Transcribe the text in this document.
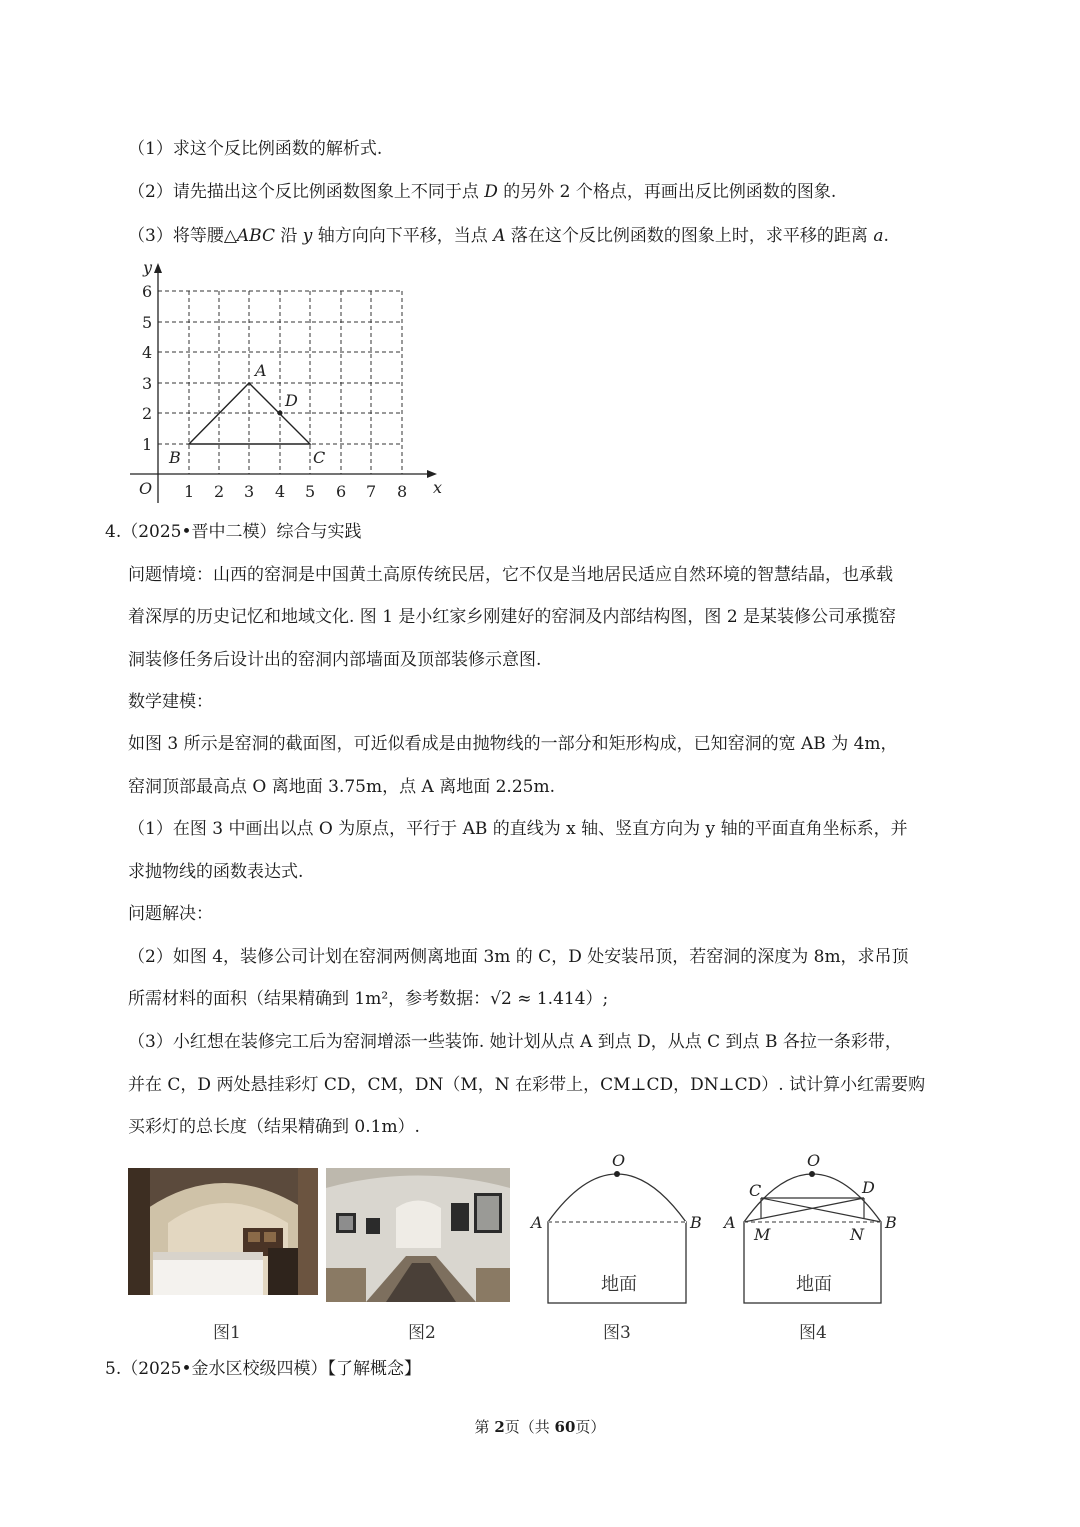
（1）求这个反比例函数的解析式.
（2）请先描出这个反比例函数图象上不同于点 D 的另外 2 个格点，再画出反比例函数的图象.
（3）将等腰△ABC 沿 y 轴方向向下平移，当点 A 落在这个反比例函数的图象上时，求平移的距离 a.
y
x
O 1 2 3 4 5 6 7 8
1
2
3
4
5
6
A
B	C
D
4.（2025•晋中二模）综合与实践
问题情境：山西的窑洞是中国黄土高原传统民居，它不仅是当地居民适应自然环境的智慧结晶，也承载
着深厚的历史记忆和地域文化. 图 1 是小红家乡刚建好的窑洞及内部结构图，图 2 是某装修公司承揽窑
洞装修任务后设计出的窑洞内部墙面及顶部装修示意图.
数学建模：
如图 3 所示是窑洞的截面图，可近似看成是由抛物线的一部分和矩形构成，已知窑洞的宽 AB 为 4m，
窑洞顶部最高点 O 离地面 3.75m，点 A 离地面 2.25m.
（1）在图 3 中画出以点 O 为原点，平行于 AB 的直线为 x 轴、竖直方向为 y 轴的平面直角坐标系，并
求抛物线的函数表达式.
问题解决：
（2）如图 4，装修公司计划在窑洞两侧离地面 3m 的 C，D 处安装吊顶，若窑洞的深度为 8m，求吊顶
所需材料的面积（结果精确到 1m²，参考数据：√2 ≈ 1.414）;
（3）小红想在装修完工后为窑洞增添一些装饰. 她计划从点 A 到点 D，从点 C 到点 B 各拉一条彩带，
并在 C，D 两处悬挂彩灯 CD，CM，DN（M，N 在彩带上，CM⊥CD，DN⊥CD）. 试计算小红需要购
买彩灯的总长度（结果精确到 0.1m）.
O
A	B
地面
O
A	B
C	D
M	N
地面
图1	图2	图3	图4
5.（2025•金水区校级四模）【了解概念】
第 2页（共 60页）
